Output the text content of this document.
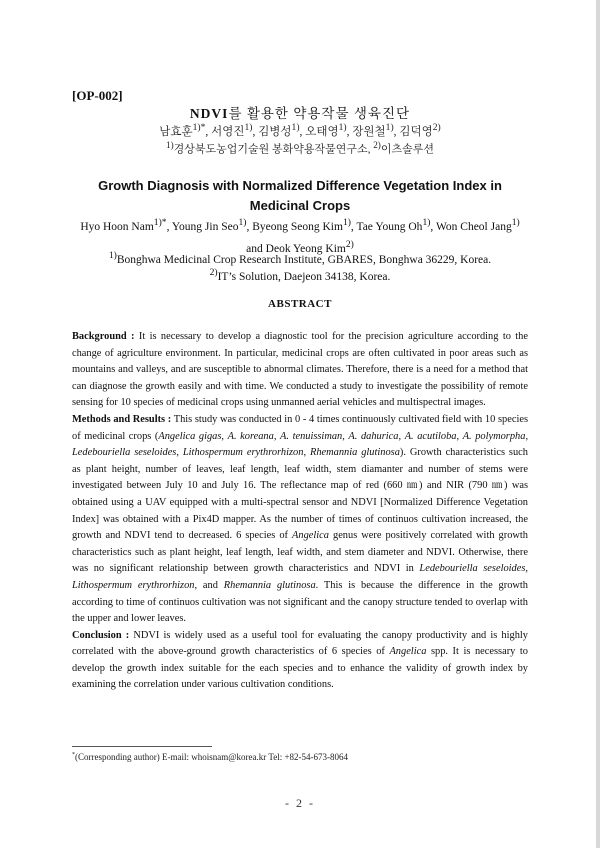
[OP-002]
NDVI를 활용한 약용작물 생육진단
남효훈$^{1)*}$, 서영진$^{1)}$, 김병성$^{1)}$, 오태영$^{1)}$, 장원철$^{1)}$, 김덕영$^{2)}$
$^{1)}$경상북도농업기술원 봉화약용작물연구소, $^{2)}$이츠솔루션
Growth Diagnosis with Normalized Difference Vegetation Index in Medicinal Crops
Hyo Hoon Nam$^{1)*}$, Young Jin Seo$^{1)}$, Byeong Seong Kim$^{1)}$, Tae Young Oh$^{1)}$, Won Cheol Jang$^{1)}$ and Deok Yeong Kim$^{2)}$
$^{1)}$Bonghwa Medicinal Crop Research Institute, GBARES, Bonghwa 36229, Korea.
$^{2)}$IT’s Solution, Daejeon 34138, Korea.
ABSTRACT

Background : It is necessary to develop a diagnostic tool for the precision agriculture according to the change of agriculture environment. In particular, medicinal crops are often cultivated in poor areas such as mountains and valleys, and are susceptible to abnormal climates. Therefore, there is a need for a method that can diagnose the growth easily and with time. We conducted a study to investigate the possibility of remote sensing for 10 species of medicinal crops using unmanned aerial vehicles and multispectral images.

Methods and Results : This study was conducted in 0 - 4 times continuously cultivated field with 10 species of medicinal crops (Angelica gigas, A. koreana, A. tenuissiman, A. dahurica, A. acutiloba, A. polymorpha, Ledebouriella seseloides, Lithospermum erythrorhizon, Rhemannia glutinosa). Growth characteristics such as plant height, number of leaves, leaf length, leaf width, stem diamanter and number of stems were investigated between July 10 and July 16. The reflectance map of red (660 ㎚) and NIR (790 ㎚) was obtained using a UAV equipped with a multi-spectral sensor and NDVI [Normalized Difference Vegetation Index] was obtained with a Pix4D mapper. As the number of times of continuos cultivation increased, the growth and NDVI tend to decreased. 6 species of Angelica genus were positively correlated with growth characteristics such as plant height, leaf length, leaf width, and stem diameter and NDVI. Otherwise, there was no significant relationship between growth characteristics and NDVI in Ledebouriella seseloides, Lithospermum erythrorhizon, and Rhemannia glutinosa. This is because the difference in the growth according to time of continuos cultivation was not significant and the canopy structure tended to overlap with the upper and lower leaves.

Conclusion : NDVI is widely used as a useful tool for evaluating the canopy productivity and is highly correlated with the above-ground growth characteristics of 6 species of Angelica spp. It is necessary to develop the growth index suitable for the each species and to enhance the validity of growth index by examining the correlation under various cultivation conditions.

*(Corresponding author) E-mail: whoisnam@korea.kr Tel: +82-54-673-8064
- 2 -
